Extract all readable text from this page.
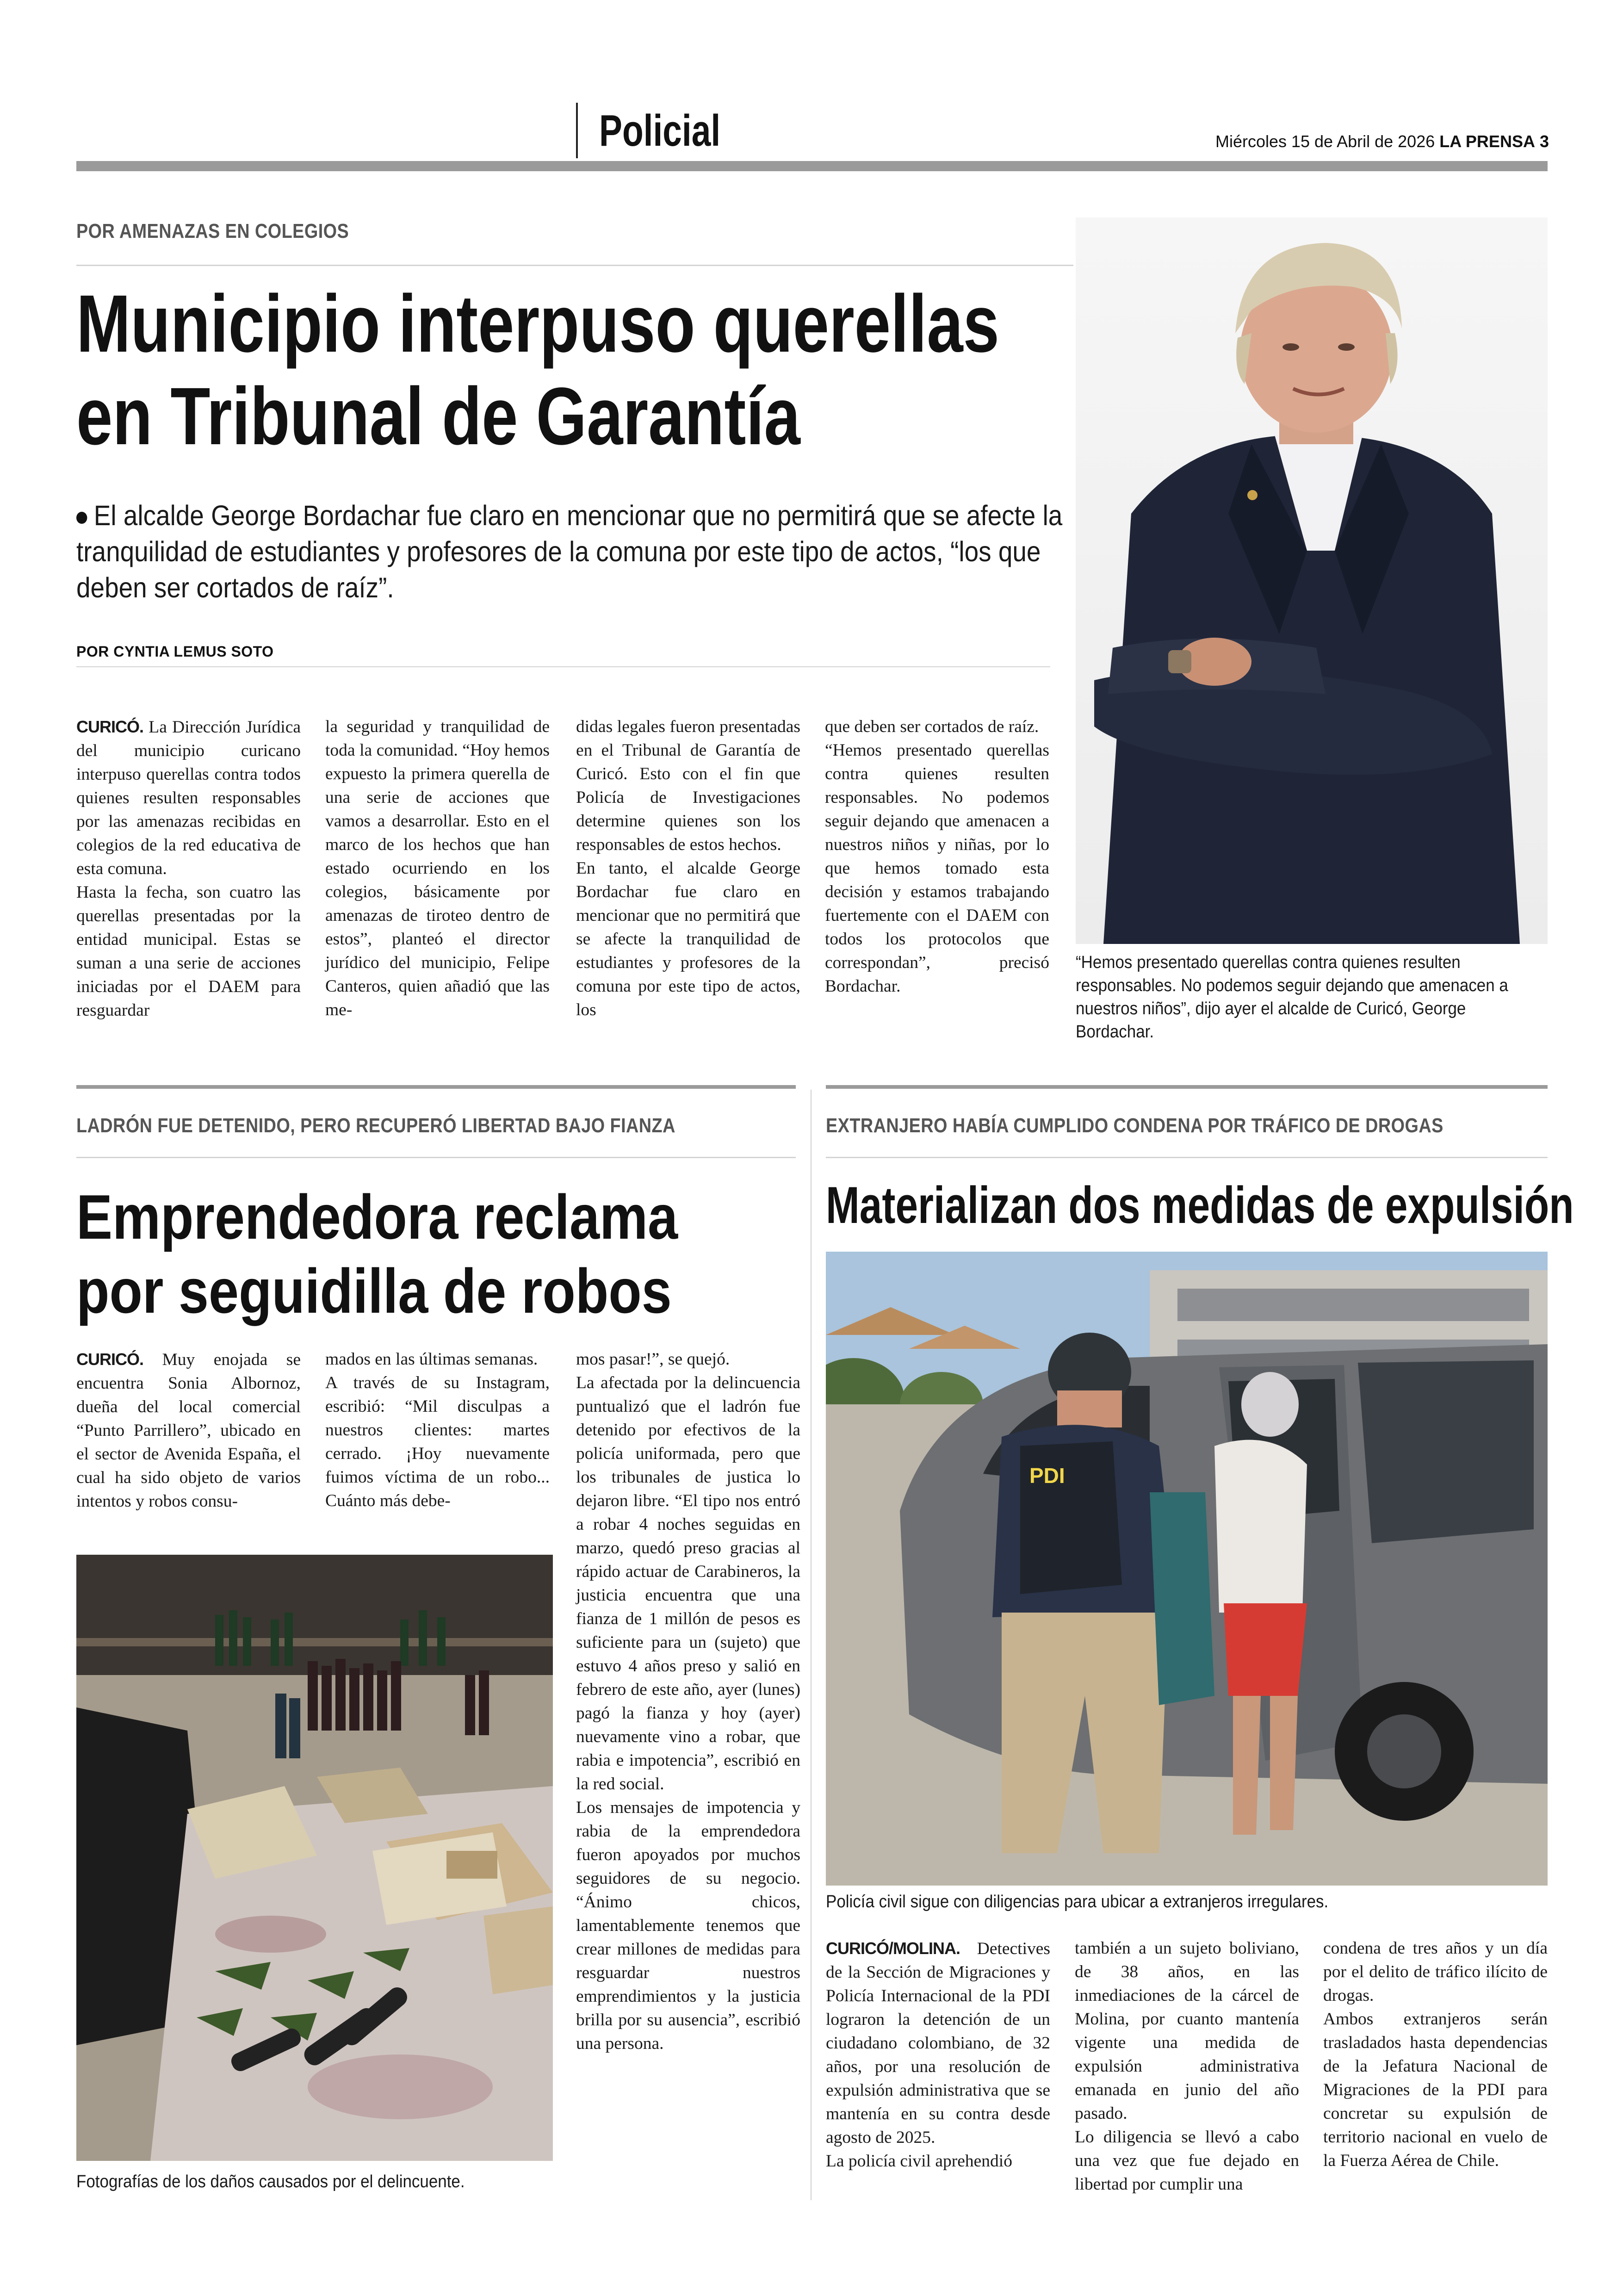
Policial	Miércoles 15 de Abril de 2026 LA PRENSA 3
POR AMENAZAS EN COLEGIOS
Municipio interpuso querellas
en Tribunal de Garantía
El alcalde George Bordachar fue claro en mencionar que no permitirá que se afecte la tranquilidad de estudiantes y profesores de la comuna por este tipo de actos, “los que deben ser cortados de raíz”.
POR CYNTIA LEMUS SOTO

CURICÓ. La Dirección Jurídica del municipio curicano interpuso querellas contra todos quienes resulten responsables por las amenazas recibidas en colegios de la red educativa de esta comuna.

Hasta la fecha, son cuatro las querellas presentadas por la entidad municipal. Estas se suman a una serie de acciones iniciadas por el DAEM para resguardar

la seguridad y tranquilidad de toda la comunidad. “Hoy hemos expuesto la primera querella de una serie de acciones que vamos a desarrollar. Esto en el marco de los hechos que han estado ocurriendo en los colegios, básicamente por amenazas de tiroteo dentro de estos”, planteó el director jurídico del municipio, Felipe Canteros, quien añadió que las me-

didas legales fueron presentadas en el Tribunal de Garantía de Curicó. Esto con el fin que Policía de Investigaciones determine quienes son los responsables de estos hechos.

En tanto, el alcalde George Bordachar fue claro en mencionar que no permitirá que se afecte la tranquilidad de estudiantes y profesores de la comuna por este tipo de actos, los

que deben ser cortados de raíz.

“Hemos presentado querellas contra quienes resulten responsables. No podemos seguir dejando que amenacen a nuestros niños y niñas, por lo que hemos tomado esta decisión y estamos trabajando fuertemente con el DAEM con todos los protocolos que correspondan”, precisó Bordachar.

“Hemos presentado querellas contra quienes resulten responsables. No podemos seguir dejando que amenacen a nuestros niños”, dijo ayer el alcalde de Curicó, George Bordachar.
LADRÓN FUE DETENIDO, PERO RECUPERÓ LIBERTAD BAJO FIANZA
Emprendedora reclama
por seguidilla de robos

CURICÓ. Muy enojada se encuentra Sonia Albornoz, dueña del local comercial “Punto Parrillero”, ubicado en el sector de Avenida España, el cual ha sido objeto de varios intentos y robos consu-

mados en las últimas semanas.

A través de su Instagram, escribió: “Mil disculpas a nuestros clientes: martes cerrado. ¡Hoy nuevamente fuimos víctima de un robo... Cuánto más debe-

mos pasar!”, se quejó.

La afectada por la delincuencia puntualizó que el ladrón fue detenido por efectivos de la policía uniformada, pero que los tribunales de justica lo dejaron libre. “El tipo nos entró a robar 4 noches seguidas en marzo, quedó preso gracias al rápido actuar de Carabineros, la justicia encuentra que una fianza de 1 millón de pesos es suficiente para un (sujeto) que estuvo 4 años preso y salió en febrero de este año, ayer (lunes) pagó la fianza y hoy (ayer) nuevamente vino a robar, que rabia e impotencia”, escribió en la red social.

Los mensajes de impotencia y rabia de la emprendedora fueron apoyados por muchos seguidores de su negocio. “Ánimo chicos, lamentablemente tenemos que crear millones de medidas para resguardar nuestros emprendimientos y la justicia brilla por su ausencia”, escribió una persona.

Fotografías de los daños causados por el delincuente.
EXTRANJERO HABÍA CUMPLIDO CONDENA POR TRÁFICO DE DROGAS
Materializan dos medidas de expulsión
PDI
Policía civil sigue con diligencias para ubicar a extranjeros irregulares.

CURICÓ/MOLINA. Detectives de la Sección de Migraciones y Policía Internacional de la PDI lograron la detención de un ciudadano colombiano, de 32 años, por una resolución de expulsión administrativa que se mantenía en su contra desde agosto de 2025.

La policía civil aprehendió

también a un sujeto boliviano, de 38 años, en las inmediaciones de la cárcel de Molina, por cuanto mantenía vigente una medida de expulsión administrativa emanada en junio del año pasado.

Lo diligencia se llevó a cabo una vez que fue dejado en libertad por cumplir una

condena de tres años y un día por el delito de tráfico ilícito de drogas.

Ambos extranjeros serán trasladados hasta dependencias de la Jefatura Nacional de Migraciones de la PDI para concretar su expulsión de territorio nacional en vuelo de la Fuerza Aérea de Chile.
